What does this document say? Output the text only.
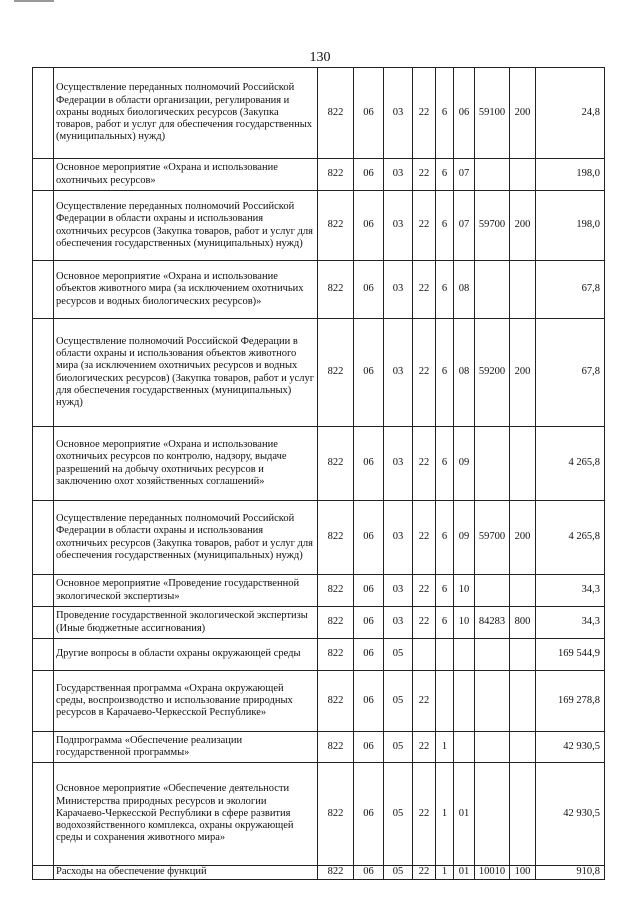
130
	Осуществление переданных полномочий Российской Федерации в области организации, регулирования и охраны водных биологических ресурсов (Закупка товаров, работ и услуг для обеспечения государственных (муниципальных) нужд)	822	06	03	22	6	06	59100	200	24,8
	Основное мероприятие «Охрана и использование охотничьих ресурсов»	822	06	03	22	6	07			198,0
	Осуществление переданных полномочий Российской Федерации в области охраны и использования охотничьих ресурсов (Закупка товаров, работ и услуг для обеспечения государственных (муниципальных) нужд)	822	06	03	22	6	07	59700	200	198,0
	Основное мероприятие «Охрана и использование объектов животного мира (за исключением охотничьих ресурсов и водных биологических ресурсов)»	822	06	03	22	6	08			67,8
	Осуществление полномочий Российской Федерации в области охраны и использования объектов животного мира (за исключением охотничьих ресурсов и водных биологических ресурсов) (Закупка товаров, работ и услуг для обеспечения государственных (муниципальных) нужд)	822	06	03	22	6	08	59200	200	67,8
	Основное мероприятие «Охрана и использование охотничьих ресурсов по контролю, надзору, выдаче разрешений на добычу охотничьих ресурсов и заключению охот хозяйственных соглашений»	822	06	03	22	6	09			4 265,8
	Осуществление переданных полномочий Российской Федерации в области охраны и использования охотничьих ресурсов (Закупка товаров, работ и услуг для обеспечения государственных (муниципальных) нужд)	822	06	03	22	6	09	59700	200	4 265,8
	Основное мероприятие «Проведение государственной экологической экспертизы»	822	06	03	22	6	10			34,3
	Проведение государственной экологической экспертизы (Иные бюджетные ассигнования)	822	06	03	22	6	10	84283	800	34,3
	Другие вопросы в области охраны окружающей среды	822	06	05						169 544,9
	Государственная программа «Охрана окружающей среды, воспроизводство и использование природных ресурсов в Карачаево-Черкесской Республике»	822	06	05	22					169 278,8
	Подпрограмма «Обеспечение реализации государственной программы»	822	06	05	22	1				42 930,5
	Основное мероприятие «Обеспечение деятельности Министерства природных ресурсов и экологии Карачаево-Черкесской Республики в сфере развития водохозяйственного комплекса, охраны окружающей среды и сохранения животного мира»	822	06	05	22	1	01			42 930,5
	Расходы на обеспечение функций	822	06	05	22	1	01	10010	100	910,8
